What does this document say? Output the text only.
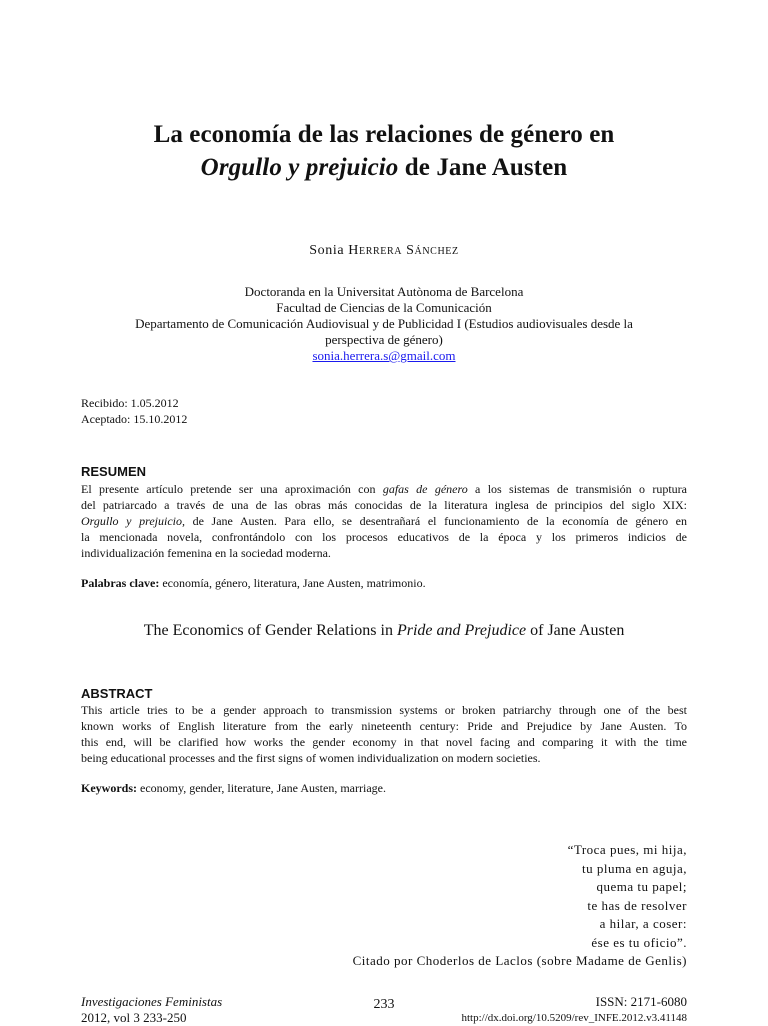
La economía de las relaciones de género en
Orgullo y prejuicio de Jane Austen
Sonia Herrera Sánchez
Doctoranda en la Universitat Autònoma de Barcelona
Facultad de Ciencias de la Comunicación
Departamento de Comunicación Audiovisual y de Publicidad I (Estudios audiovisuales desde la
perspectiva de género)
sonia.herrera.s@gmail.com
Recibido: 1.05.2012
Aceptado: 15.10.2012
RESUMEN
El presente artículo pretende ser una aproximación con gafas de género a los sistemas de transmisión o ruptura
del patriarcado a través de una de las obras más conocidas de la literatura inglesa de principios del siglo XIX:
Orgullo y prejuicio, de Jane Austen. Para ello, se desentrañará el funcionamiento de la economía de género en
la mencionada novela, confrontándolo con los procesos educativos de la época y los primeros indicios de
individualización femenina en la sociedad moderna.
Palabras clave: economía, género, literatura, Jane Austen, matrimonio.
The Economics of Gender Relations in Pride and Prejudice of Jane Austen
ABSTRACT
This article tries to be a gender approach to transmission systems or broken patriarchy through one of the best
known works of English literature from the early nineteenth century: Pride and Prejudice by Jane Austen. To
this end, will be clarified how works the gender economy in that novel facing and comparing it with the time
being educational processes and the first signs of women individualization on modern societies.
Keywords: economy, gender, literature, Jane Austen, marriage.
“Troca pues, mi hija,
tu pluma en aguja,
quema tu papel;
te has de resolver
a hilar, a coser:
ése es tu oficio”.
Citado por Choderlos de Laclos (sobre Madame de Genlis)
Investigaciones Feministas
2012, vol 3 233-250
233	ISSN: 2171-6080
http://dx.doi.org/10.5209/rev_INFE.2012.v3.41148
